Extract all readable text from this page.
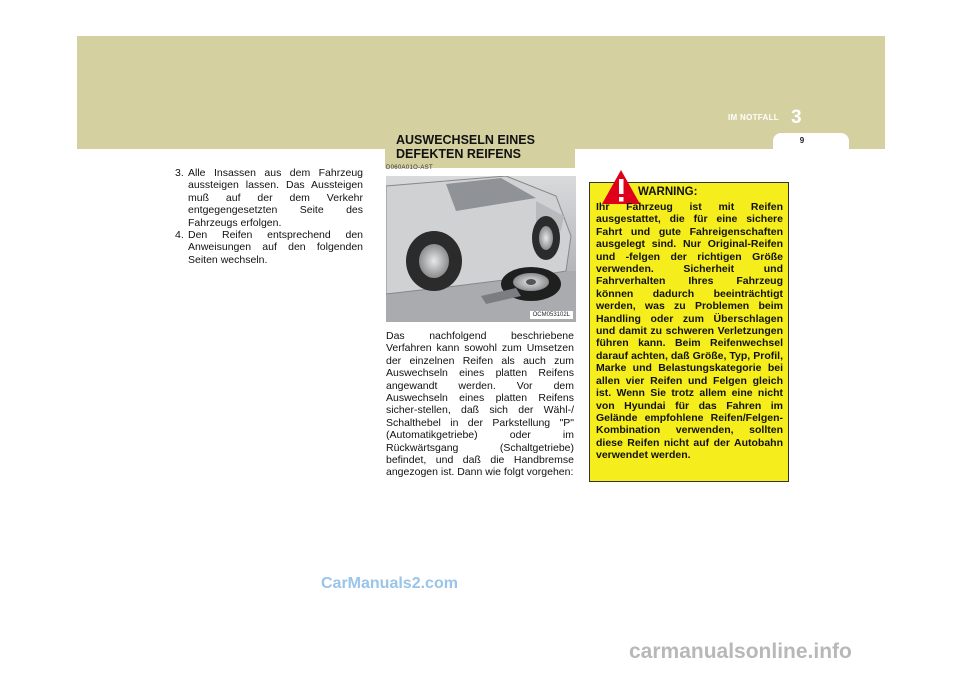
IM NOTFALL 3
9
AUSWECHSELN EINES DEFEKTEN REIFENS
3. Alle Insassen aus dem Fahrzeug aussteigen lassen. Das Aussteigen muß auf der dem Verkehr entgegengesetzten Seite des Fahrzeugs erfolgen.
4. Den Reifen entsprechend den Anweisungen auf den folgenden Seiten wechseln.
D060A01O-AST
OCM053102L
Das nachfolgend beschriebene Verfahren kann sowohl zum Umsetzen der einzelnen Reifen als auch zum Auswechseln eines platten Reifens angewandt werden. Vor dem Auswechseln eines platten Reifens sicher-stellen, daß sich der Wähl-/ Schalthebel in der Parkstellung "P" (Automatikgetriebe) oder im Rückwärtsgang (Schaltgetriebe) befindet, und daß die Handbremse angezogen ist. Dann wie folgt vorgehen:
WARNING:
Ihr Fahrzeug ist mit Reifen ausgestattet, die für eine sichere Fahrt und gute Fahreigenschaften ausgelegt sind. Nur Original-Reifen und -felgen der richtigen Größe verwenden. Sicherheit und Fahrverhalten Ihres Fahrzeug können dadurch beeinträchtigt werden, was zu Problemen beim Handling oder zum Überschlagen und damit zu schweren Verletzungen führen kann. Beim Reifenwechsel darauf achten, daß Größe, Typ, Profil, Marke und Belastungskategorie bei allen vier Reifen und Felgen gleich ist. Wenn Sie trotz allem eine nicht von Hyundai für das Fahren im Gelände empfohlene Reifen/Felgen-Kombination verwenden, sollten diese Reifen nicht auf der Autobahn verwendet werden.
CarManuals2.com
carmanualsonline.info
